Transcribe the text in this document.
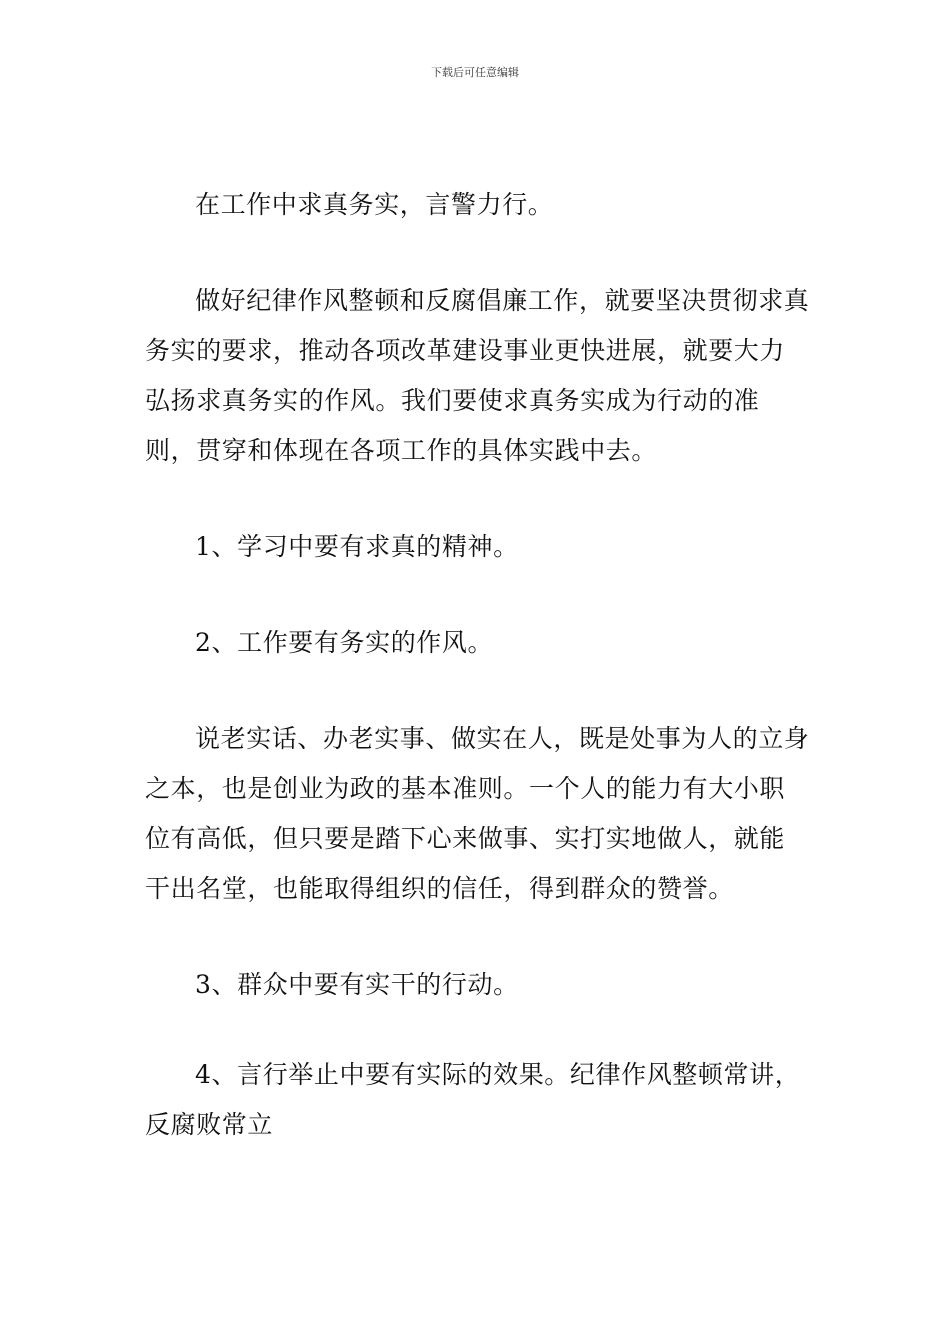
下载后可任意编辑

在工作中求真务实，言警力行。

做好纪律作风整顿和反腐倡廉工作，就要坚决贯彻求真务实的要求，推动各项改革建设事业更快进展，就要大力弘扬求真务实的作风。我们要使求真务实成为行动的准则，贯穿和体现在各项工作的具体实践中去。

1、学习中要有求真的精神。

2、工作要有务实的作风。

说老实话、办老实事、做实在人，既是处事为人的立身之本，也是创业为政的基本准则。一个人的能力有大小职位有高低，但只要是踏下心来做事、实打实地做人，就能干出名堂，也能取得组织的信任，得到群众的赞誉。

3、群众中要有实干的行动。

4、言行举止中要有实际的效果。纪律作风整顿常讲，反腐败常立
